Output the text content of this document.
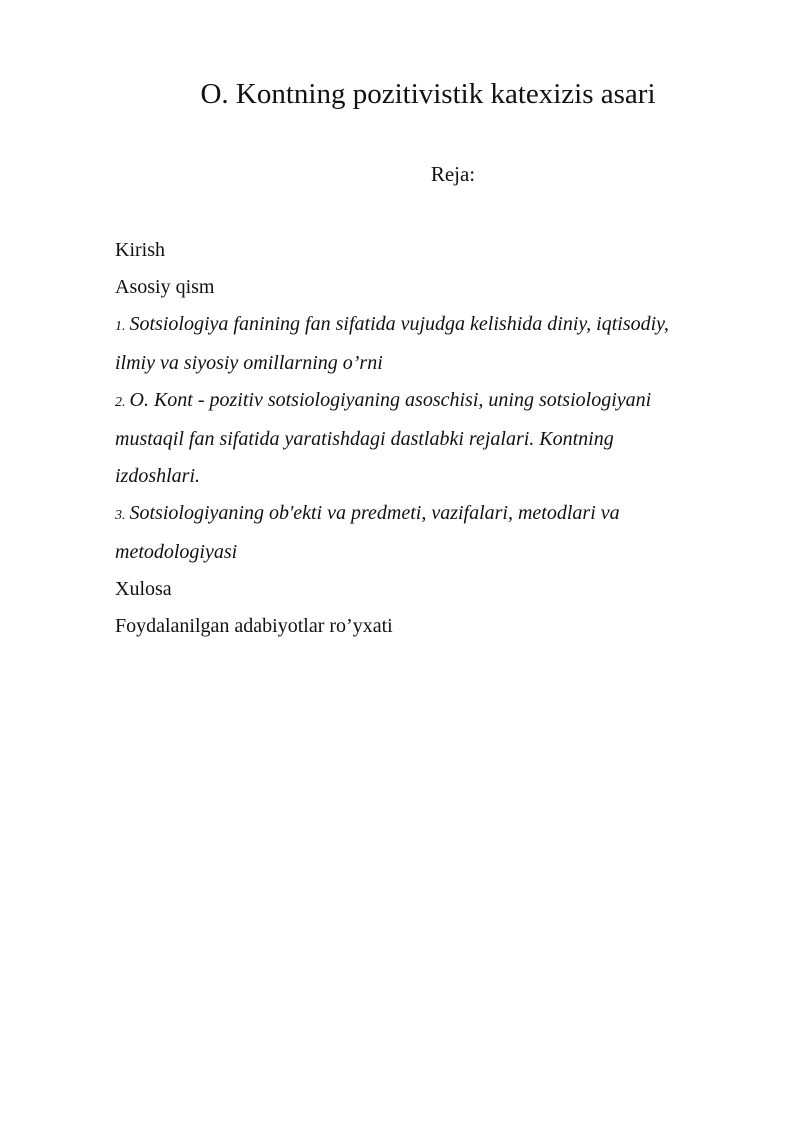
O. Kontning pozitivistik katexizis asari
Reja:
Kirish
Asosiy qism
1. Sotsiologiya fanining fan sifatida vujudga kelishida diniy, iqtisodiy,
ilmiy va siyosiy omillarning o’rni
2. O. Kont - pozitiv sotsiologiyaning asoschisi, uning sotsiologiyani
mustaqil fan sifatida yaratishdagi dastlabki rejalari. Kontning
izdoshlari.
3. Sotsiologiyaning ob'ekti va predmeti, vazifalari, metodlari va
metodologiyasi
Xulosa
Foydalanilgan adabiyotlar ro’yxati
